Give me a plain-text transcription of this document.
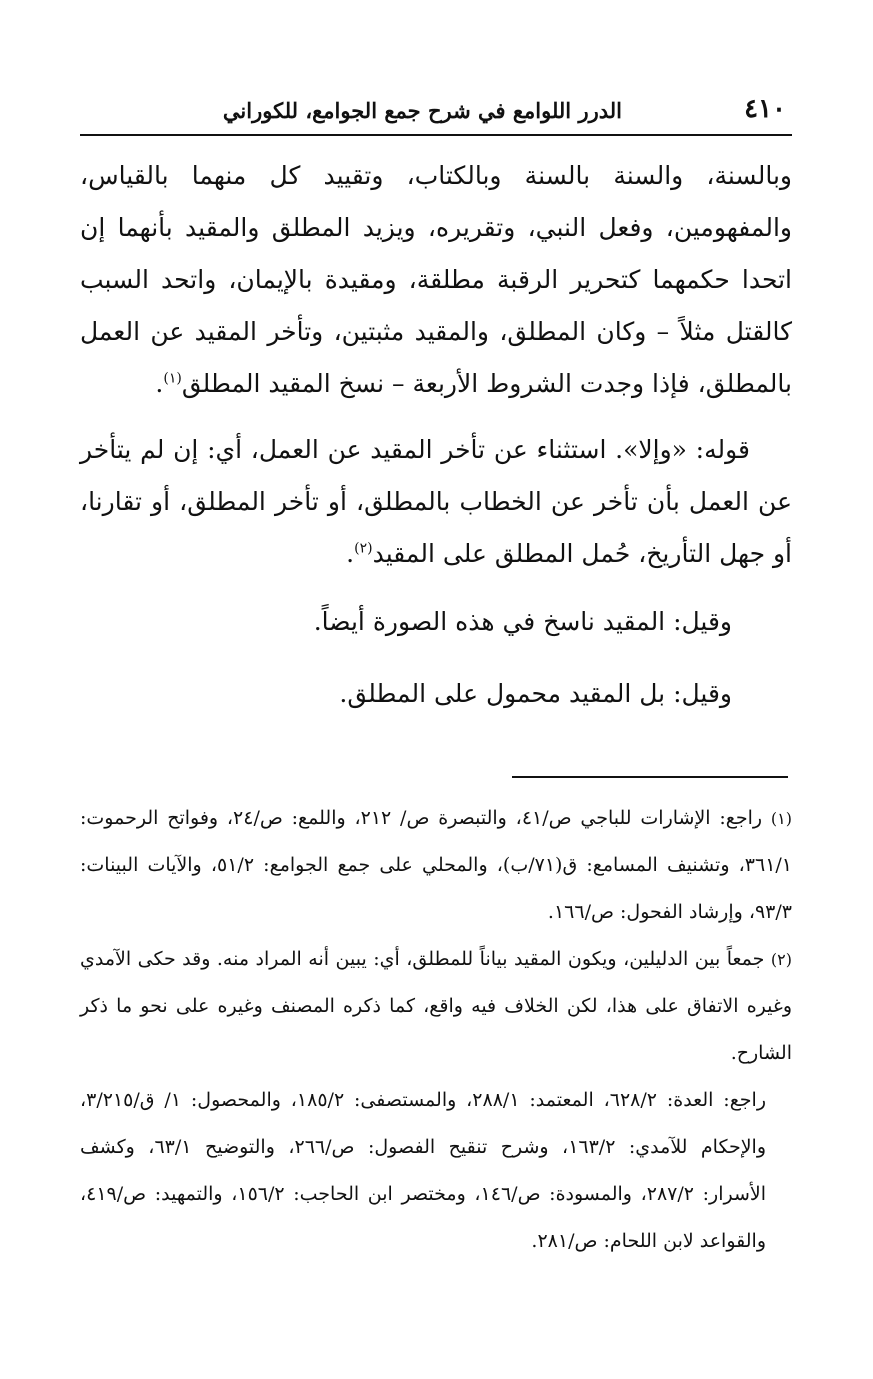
٤١٠
الدرر اللوامع في شرح جمع الجوامع، للكوراني

وبالسنة، والسنة بالسنة وبالكتاب، وتقييد كل منهما بالقياس، والمفهومين، وفعل النبي، وتقريره، ويزيد المطلق والمقيد بأنهما إن اتحدا حكمهما كتحرير الرقبة مطلقة، ومقيدة بالإيمان، واتحد السبب كالقتل مثلاً – وكان المطلق، والمقيد مثبتين، وتأخر المقيد عن العمل بالمطلق، فإذا وجدت الشروط الأربعة – نسخ المقيد المطلق$^{(١)}$.

قوله: «وإلا». استثناء عن تأخر المقيد عن العمل، أي: إن لم يتأخر عن العمل بأن تأخر عن الخطاب بالمطلق، أو تأخر المطلق، أو تقارنا، أو جهل التأريخ، حُمل المطلق على المقيد$^{(٢)}$.

وقيل: المقيد ناسخ في هذه الصورة أيضاً.

وقيل: بل المقيد محمول على المطلق.

(١) راجع: الإشارات للباجي ص/٤١، والتبصرة ص/ ٢١٢، واللمع: ص/٢٤، وفواتح الرحموت: ٣٦١/١، وتشنيف المسامع: ق(٧١/ب)، والمحلي على جمع الجوامع: ٥١/٢، والآيات البينات: ٩٣/٣، وإرشاد الفحول: ص/١٦٦.

(٢) جمعاً بين الدليلين، ويكون المقيد بياناً للمطلق، أي: يبين أنه المراد منه. وقد حكى الآمدي وغيره الاتفاق على هذا، لكن الخلاف فيه واقع، كما ذكره المصنف وغيره على نحو ما ذكر الشارح.

راجع: العدة: ٦٢٨/٢، المعتمد: ٢٨٨/١، والمستصفى: ١٨٥/٢، والمحصول: ١/ ق/٣/٢١٥، والإحكام للآمدي: ١٦٣/٢، وشرح تنقيح الفصول: ص/٢٦٦، والتوضيح ٦٣/١، وكشف الأسرار: ٢٨٧/٢، والمسودة: ص/١٤٦، ومختصر ابن الحاجب: ١٥٦/٢، والتمهيد: ص/٤١٩، والقواعد لابن اللحام: ص/٢٨١.
